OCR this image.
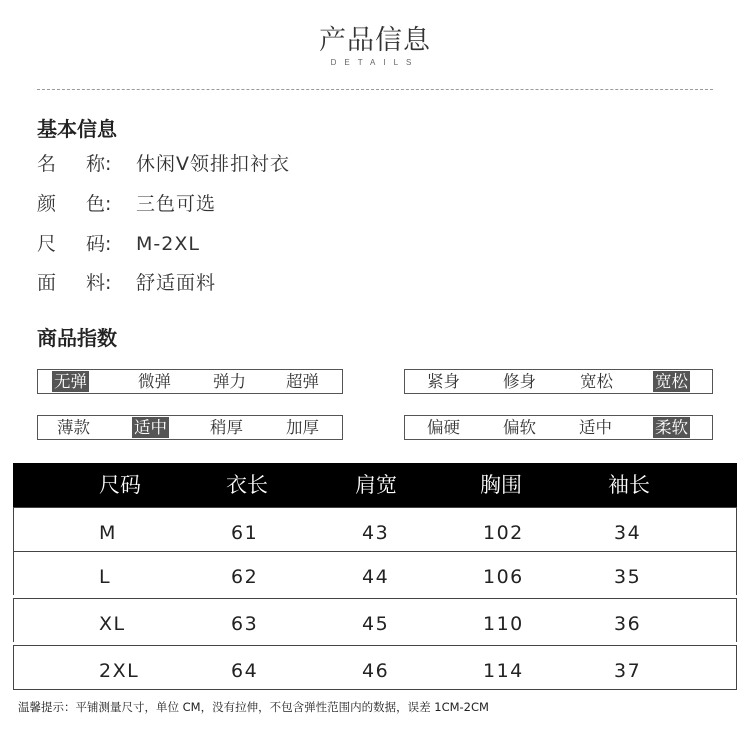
产品信息
DETAILS
基本信息
名 称 : 休闲V领排扣衬衣
颜 色 : 三色可选
尺 码 : M-2XL
面 料 : 舒适面料
商品指数
无弹	微弹	弹力 超弹	紧身	修身	宽松	宽松
薄款	适中	稍厚	加厚	偏硬	偏软	适中	柔软
尺码	衣长	肩宽	胸围	袖长
M	61	43	102	34
L	62	44	106	35
XL	63	45	110	36
2XL	64	46	114	37
温馨提示：平铺测量尺寸，单位 CM，没有拉伸，不包含弹性范围内的数据，误差 1CM-2CM
